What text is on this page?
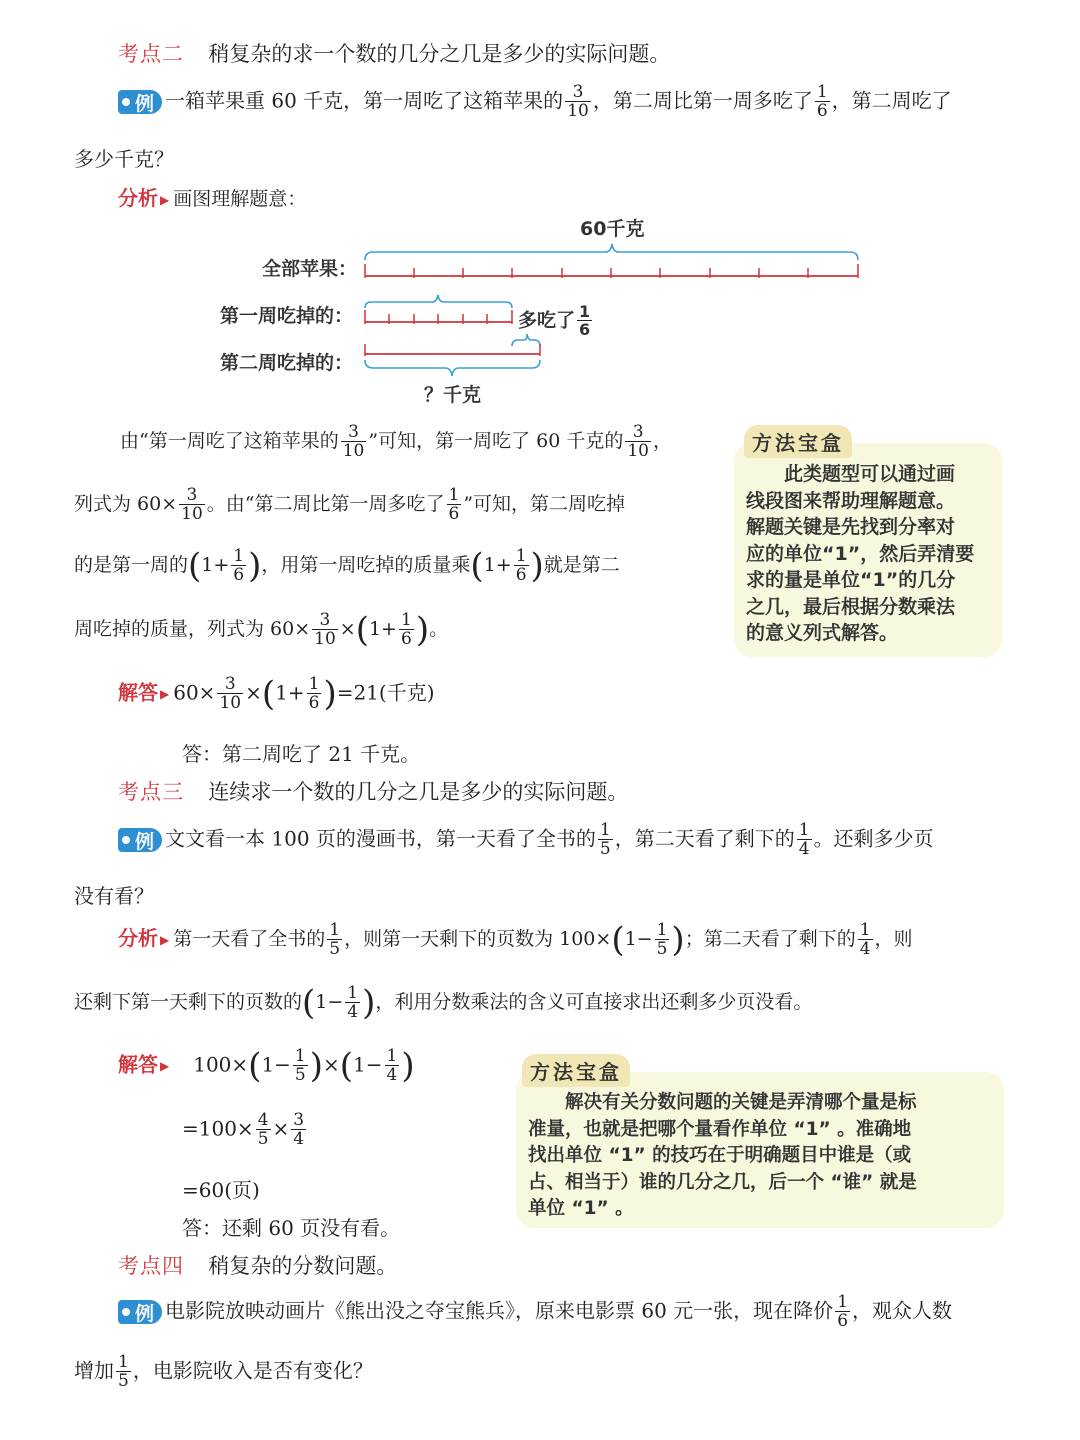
考点二 稍复杂的求一个数的几分之几是多少的实际问题。
例 一箱苹果重 60 千克，第一周吃了这箱苹果的 $\frac{3}{10}$ ，第二周比第一周多吃了 $\frac{1}{6}$ ，第二周吃了
多少千克？
分析 ▶ 画图理解题意：
60千克
全部苹果：
第一周吃掉的：
第二周吃掉的：
多吃了 $\frac{1}{6}$
？千克
由“第一周吃了这箱苹果的 $\frac{3}{10}$ ”可知，第一周吃了 60 千克的 $\frac{3}{10}$ ，
列式为 $60\times \frac{3}{10}$ 。由“第二周比第一周多吃了 $\frac{1}{6}$ ”可知，第二周吃掉
的是第一周的($1+ \frac{1}{6}$ )，用第一周吃掉的质量乘($1+ \frac{1}{6}$ )就是第二
周吃掉的质量，列式为 $60\times \frac{3}{10} \times(1+ \frac{1}{6}$ )。
此类题型可以通过画
线段图来帮助理解题意。
解题关键是先找到分率对
应的单位“1”，然后弄清要
求的量是单位“1”的几分
之几，最后根据分数乘法
的意义列式解答。
方法宝盒
解答 ▶ $60\times \frac{3}{10} \times(1+ \frac{1}{6} )=21$(千克)
答：第二周吃了 21 千克。
考点三 连续求一个数的几分之几是多少的实际问题。
例 文文看一本 100 页的漫画书，第一天看了全书的 $\frac{1}{5}$ ，第二天看了剩下的 $\frac{1}{4}$ 。还剩多少页
没有看？
分析 ▶ 第一天看了全书的 $\frac{1}{5}$ ，则第一天剩下的页数为 $100\times(1- \frac{1}{5}$ )；第二天看了剩下的 $\frac{1}{4}$ ，则
还剩下第一天剩下的页数的($1- \frac{1}{4}$ )，利用分数乘法的含义可直接求出还剩多少页没看。
解答 ▶ $100\times(1- \frac{1}{5} )\times(1- \frac{1}{4}$ )
$=100\times \frac{4}{5} \times \frac{3}{4}$
=60(页)
答：还剩 60 页没有看。
解决有关分数问题的关键是弄清哪个量是标
准量，也就是把哪个量看作单位 “1” 。准确地
找出单位 “1” 的技巧在于明确题目中谁是（或
占、相当于）谁的几分之几，后一个 “谁” 就是
单位 “1” 。
方法宝盒
考点四 稍复杂的分数问题。
例 电影院放映动画片《熊出没之夺宝熊兵》，原来电影票 60 元一张，现在降价 $\frac{1}{6}$ ，观众人数
增加 $\frac{1}{5}$ ，电影院收入是否有变化？
